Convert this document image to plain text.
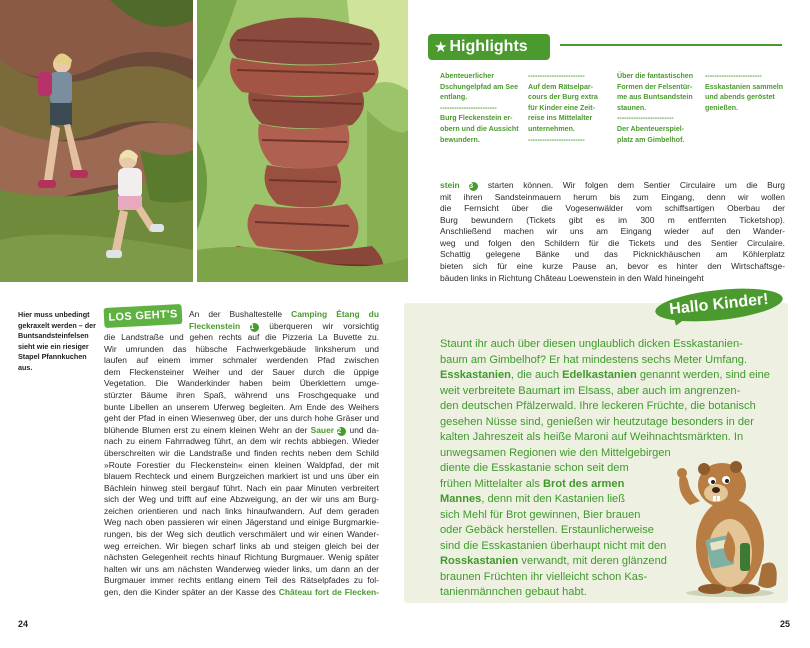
Hier muss unbedingt
gekraxelt werden – der
Buntsandsteinfelsen
sieht wie ein riesiger
Stapel Pfannkuchen
aus.
LOS GEHT'S	An der Bushaltestelle Camping Étang du
Fleckenstein 1 überqueren wir vorsichtig
die Landstraße und gehen rechts auf die Pizzeria La Buvette zu.
Wir umrunden das hübsche Fachwerkgebäude linksherum und
laufen auf einem immer schmaler werdenden Pfad zwischen
dem Fleckensteiner Weiher und der Sauer durch die üppige
Vegetation. Die Wanderkinder haben beim Überklettern umge-
stürzter Bäume ihren Spaß, während uns Froschgequake und
bunte Libellen an unserem Uferweg begleiten. Am Ende des Weihers
geht der Pfad in einen Wiesenweg über, der uns durch hohe Gräser und
blühende Blumen erst zu einem kleinen Wehr an der Sauer 2 und da-
nach zu einem Fahrradweg führt, an dem wir rechts abbiegen. Wieder
überschreiten wir die Landstraße und finden rechts neben dem Schild
»Route Forestier du Fleckenstein« einen kleinen Waldpfad, der mit
blauem Rechteck und einem Burgzeichen markiert ist und uns über ein
Bächlein hinweg steil bergauf führt. Nach ein paar Minuten verbreitert
sich der Weg und trifft auf eine Abzweigung, an der wir uns am Burg-
zeichen orientieren und nach links hinaufwandern. Auf dem geraden
Weg nach oben passieren wir einen Jägerstand und einige Burgmarkie-
rungen, bis der Weg sich deutlich verschmälert und wir einen Wander-
weg erreichen. Wir biegen scharf links ab und steigen gleich bei der
nächsten Gelegenheit rechts hinauf Richtung Burgmauer. Wenig später
halten wir uns am nächsten Wanderweg wieder links, um dann an der
Burgmauer immer rechts entlang einem Teil des Rätselpfades zu fol-
gen, den die Kinder später an der Kasse des Château fort de Flecken-
★ Highlights
Abenteuerlicher
Dschungelpfad am See
entlang.
------------------------
Burg Fleckenstein er-
obern und die Aussicht
bewundern.
------------------------
Auf dem Rätselpar-
cours der Burg extra
für Kinder eine Zeit-
reise ins Mittelalter
unternehmen.
------------------------
Über die fantastischen
Formen der Felsentür-
me aus Buntsandstein
staunen.
------------------------
Der Abenteuerspiel-
platz am Gimbelhof.
------------------------
Esskastanien sammeln
und abends geröstet
genießen.
stein 3 starten können. Wir folgen dem Sentier Circulaire um die Burg
mit ihren Sandsteinmauern herum bis zum Eingang, denn wir wollen
die Fernsicht über die Vogesenwälder vom schiffsartigen Oberbau der
Burg bewundern (Tickets gibt es im 300 m entfernten Ticketshop).
Anschließend machen wir uns am Eingang wieder auf den Wander-
weg und folgen den Schildern für die Tickets und des Sentier Circulaire.
Schattig gelegene Bänke und das Picknickhäuschen am Köhlerplatz
bieten sich für eine kurze Pause an, bevor es hinter den Wirtschaftsge-
bäuden links in Richtung Château Loewenstein in den Wald hineingeht
Hallo Kinder!
Staunt ihr auch über diesen unglaublich dicken Esskastanien-
baum am Gimbelhof? Er hat mindestens sechs Meter Umfang.
Esskastanien, die auch Edelkastanien genannt werden, sind eine
weit verbreitete Baumart im Elsass, aber auch im angrenzen-
den deutschen Pfälzerwald. Ihre leckeren Früchte, die botanisch
gesehen Nüsse sind, genießen wir heutzutage besonders in der
kalten Jahreszeit als heiße Maroni auf Weihnachtsmärkten. In
unwegsamen Regionen wie den Mittelgebirgen
diente die Esskastanie schon seit dem
frühen Mittelalter als Brot des armen
Mannes, denn mit den Kastanien ließ
sich Mehl für Brot gewinnen, Bier brauen
oder Gebäck herstellen. Erstaunlicherweise
sind die Esskastanien überhaupt nicht mit den
Rosskastanien verwandt, mit deren glänzend
braunen Früchten ihr vielleicht schon Kas-
tanienmännchen gebaut habt.
24	25
